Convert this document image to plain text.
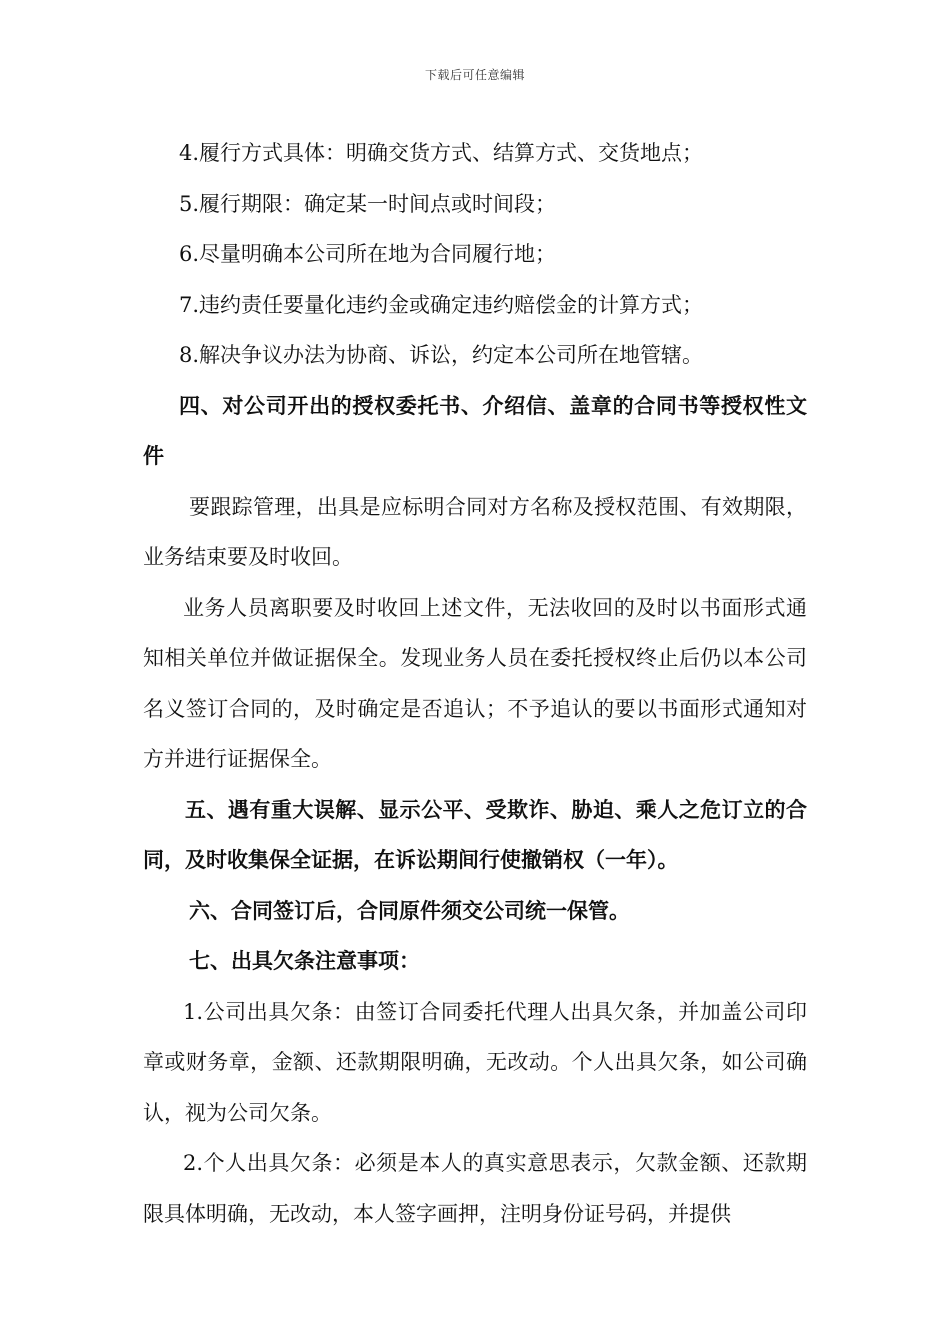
下载后可任意编辑

4.履行方式具体：明确交货方式、结算方式、交货地点；

5.履行期限：确定某一时间点或时间段；

6.尽量明确本公司所在地为合同履行地；

7.违约责任要量化违约金或确定违约赔偿金的计算方式；

8.解决争议办法为协商、诉讼，约定本公司所在地管辖。

四、对公司开出的授权委托书、介绍信、盖章的合同书等授权性文件

要跟踪管理，出具是应标明合同对方名称及授权范围、有效期限，业务结束要及时收回。

业务人员离职要及时收回上述文件，无法收回的及时以书面形式通知相关单位并做证据保全。发现业务人员在委托授权终止后仍以本公司名义签订合同的，及时确定是否追认；不予追认的要以书面形式通知对方并进行证据保全。

五、遇有重大误解、显示公平、受欺诈、胁迫、乘人之危订立的合同，及时收集保全证据，在诉讼期间行使撤销权（一年）。

六、合同签订后，合同原件须交公司统一保管。

七、出具欠条注意事项：

1.公司出具欠条：由签订合同委托代理人出具欠条，并加盖公司印章或财务章，金额、还款期限明确，无改动。个人出具欠条，如公司确认，视为公司欠条。

2.个人出具欠条：必须是本人的真实意思表示，欠款金额、还款期限具体明确，无改动，本人签字画押，注明身份证号码，并提供
